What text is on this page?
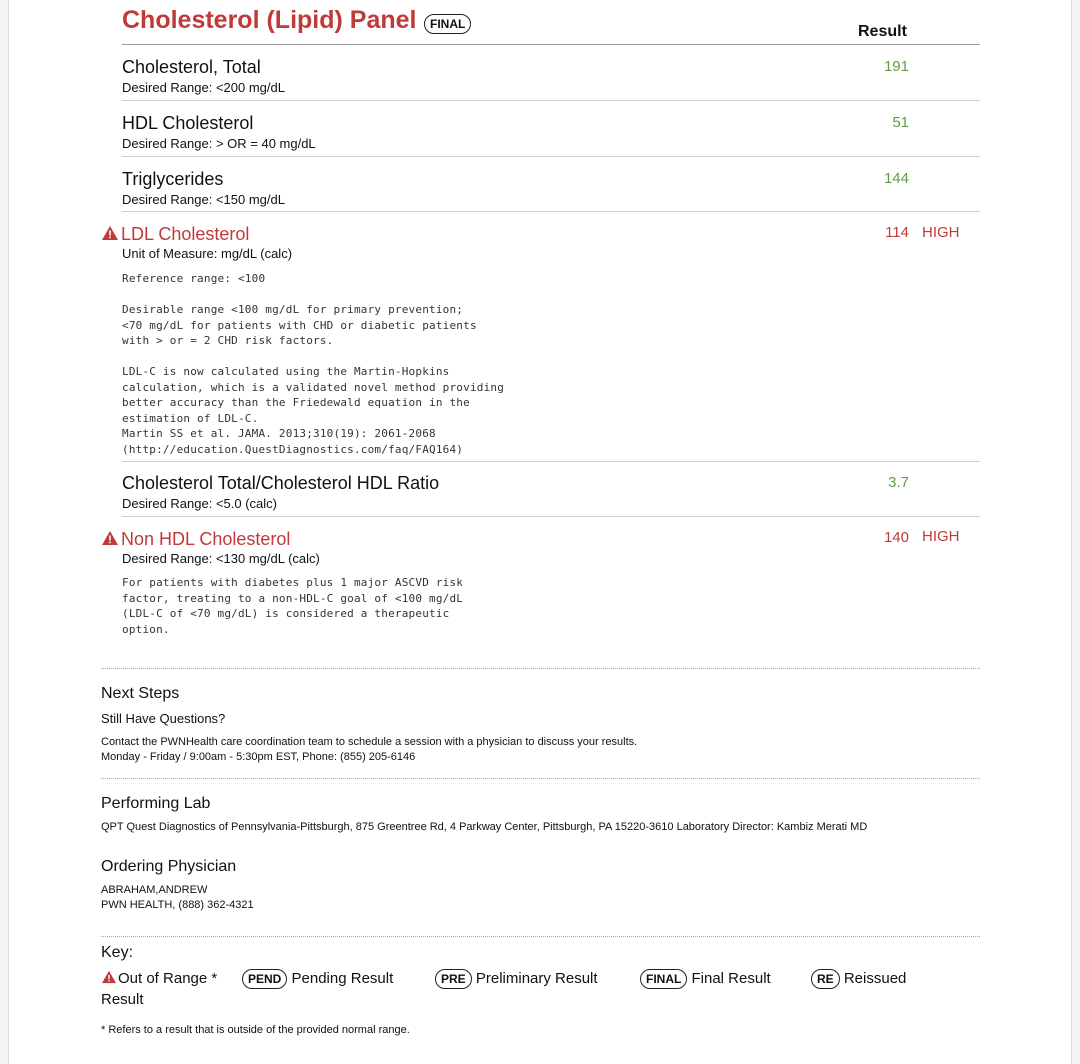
Cholesterol (Lipid) Panel	FINAL	Result
Cholesterol, Total
Desired Range: <200 mg/dL
191
HDL Cholesterol
Desired Range: > OR = 40 mg/dL
51
Triglycerides
Desired Range: <150 mg/dL
144
LDL Cholesterol
Unit of Measure: mg/dL (calc)
114 HIGH
Reference range: <100
Desirable range <100 mg/dL for primary prevention;
<70 mg/dL for patients with CHD or diabetic patients
with > or = 2 CHD risk factors.
LDL-C is now calculated using the Martin-Hopkins
calculation, which is a validated novel method providing
better accuracy than the Friedewald equation in the
estimation of LDL-C.
Martin SS et al. JAMA. 2013;310(19): 2061-2068
(http://education.QuestDiagnostics.com/faq/FAQ164)
Cholesterol Total/Cholesterol HDL Ratio
Desired Range: <5.0 (calc)
3.7
Non HDL Cholesterol
Desired Range: <130 mg/dL (calc)
140 HIGH
For patients with diabetes plus 1 major ASCVD risk
factor, treating to a non-HDL-C goal of <100 mg/dL
(LDL-C of <70 mg/dL) is considered a therapeutic
option.
Next Steps
Still Have Questions?
Contact the PWNHealth care coordination team to schedule a session with a physician to discuss your results.
Monday - Friday / 9:00am - 5:30pm EST, Phone: (855) 205-6146
Performing Lab
QPT Quest Diagnostics of Pennsylvania-Pittsburgh, 875 Greentree Rd, 4 Parkway Center, Pittsburgh, PA 15220-3610 Laboratory Director: Kambiz Merati MD
Ordering Physician
ABRAHAM,ANDREW
PWN HEALTH, (888) 362-4321
Key:
Out of Range *
Result
PEND Pending Result	PRE Preliminary Result	FINAL Final Result	RE Reissued
* Refers to a result that is outside of the provided normal range.
